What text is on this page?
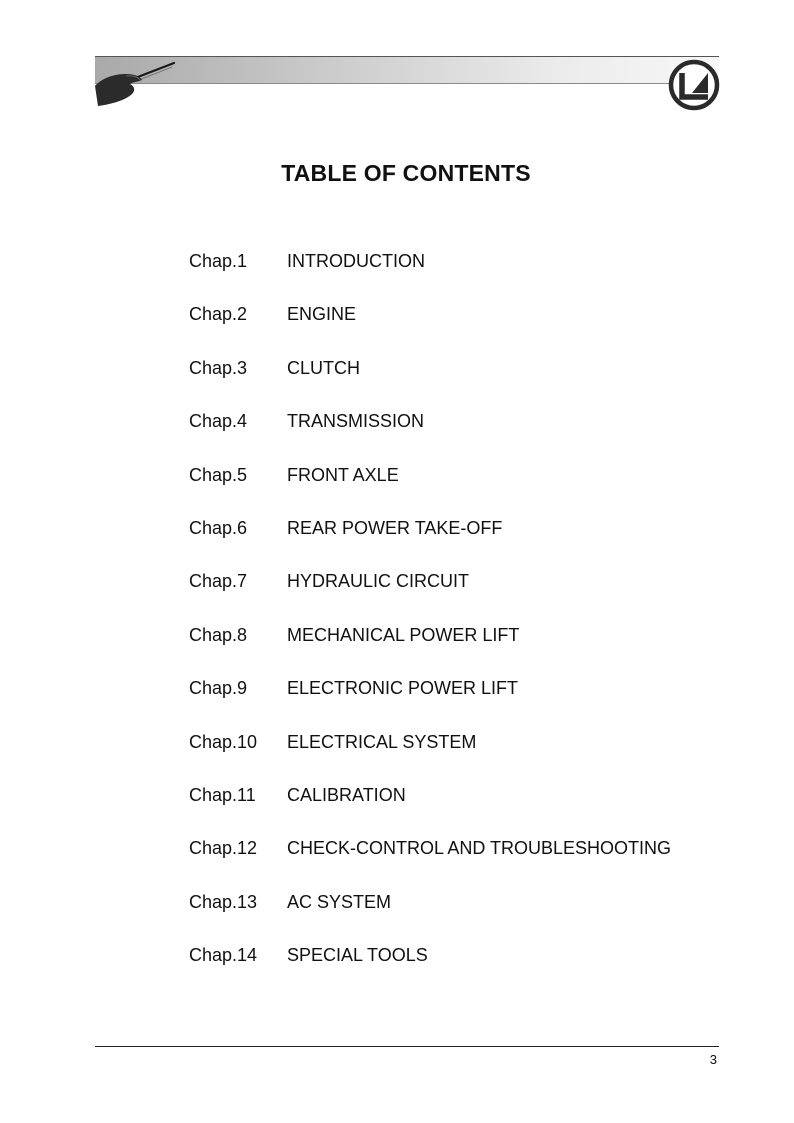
TABLE OF CONTENTS
Chap.1	INTRODUCTION
Chap.2	ENGINE
Chap.3	CLUTCH
Chap.4	TRANSMISSION
Chap.5	FRONT AXLE
Chap.6	REAR POWER TAKE-OFF
Chap.7	HYDRAULIC CIRCUIT
Chap.8	MECHANICAL POWER LIFT
Chap.9	ELECTRONIC POWER LIFT
Chap.10	ELECTRICAL SYSTEM
Chap.11	CALIBRATION
Chap.12	CHECK-CONTROL AND TROUBLESHOOTING
Chap.13	AC SYSTEM
Chap.14	SPECIAL TOOLS
3
